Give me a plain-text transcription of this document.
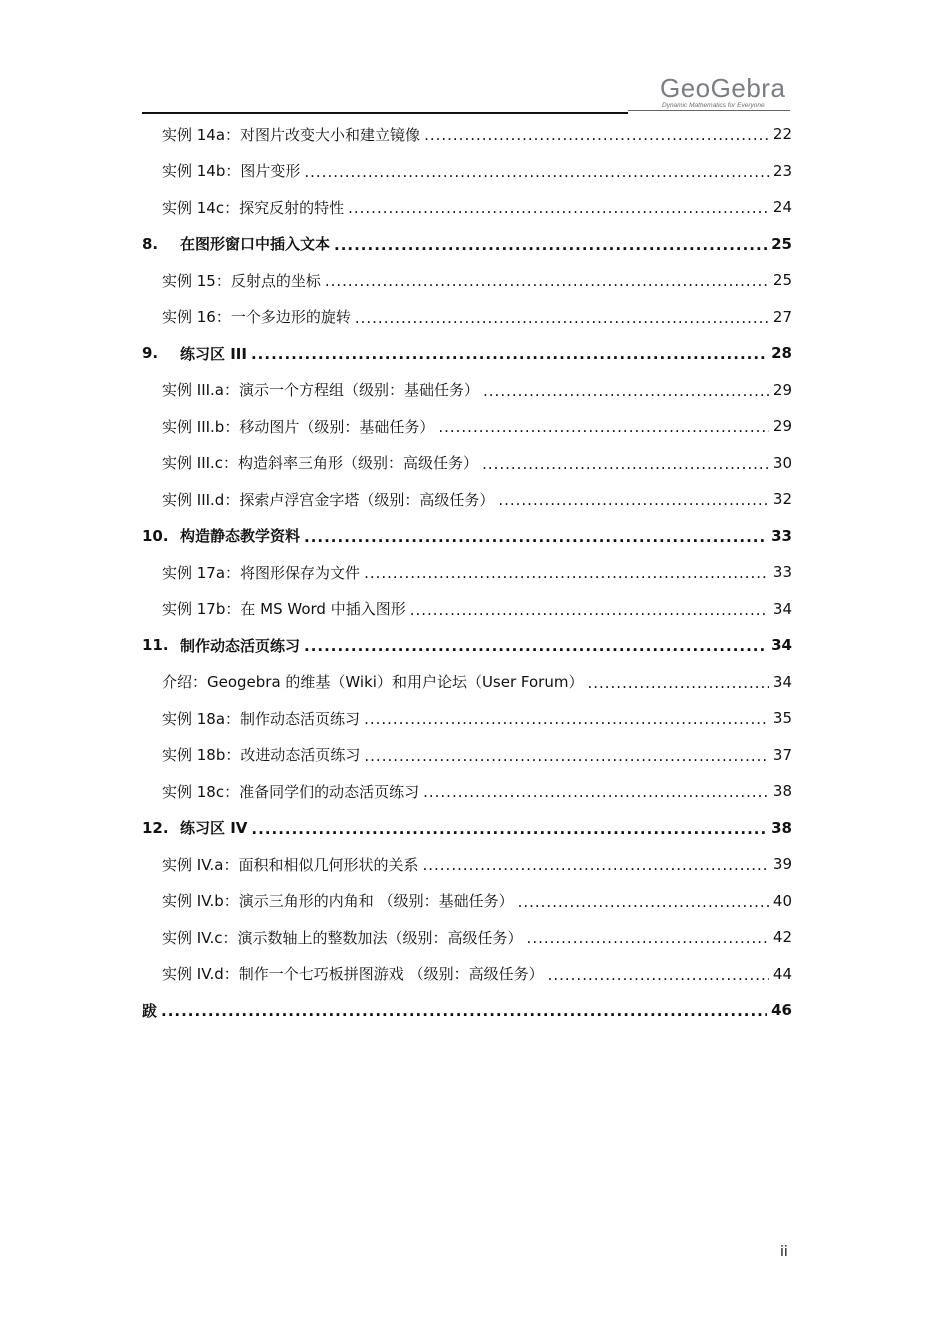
GeoGebra
Dynamic Mathematics for Everyone
实例 14a：对图片改变大小和建立镜像 .....	22
实例 14b：图片变形 .....	23
实例 14c：探究反射的特性 .....	24
8.	在图形窗口中插入文本 .....	25
实例 15：反射点的坐标 .....	25
实例 16：一个多边形的旋转 .....	27
9.	练习区 III .....	28
实例 III.a：演示一个方程组（级别：基础任务） .....	29
实例 III.b：移动图片（级别：基础任务） .....	29
实例 III.c：构造斜率三角形（级别：高级任务） .....	30
实例 III.d：探索卢浮宫金字塔（级别：高级任务） .....	32
10. 构造静态教学资料 .....	33
实例 17a：将图形保存为文件 .....	33
实例 17b：在 MS Word 中插入图形 .....	34
11. 制作动态活页练习 .....	34
介绍：Geogebra 的维基（Wiki）和用户论坛（User Forum） .....	34
实例 18a：制作动态活页练习 .....	35
实例 18b：改进动态活页练习 .....	37
实例 18c：准备同学们的动态活页练习 .....	38
12. 练习区 IV .....	38
实例 IV.a：面积和相似几何形状的关系 .....	39
实例 IV.b：演示三角形的内角和 （级别：基础任务） .....	40
实例 IV.c：演示数轴上的整数加法（级别：高级任务） .....	42
实例 IV.d：制作一个七巧板拼图游戏 （级别：高级任务） .....	44
跋 .....	46
ii
